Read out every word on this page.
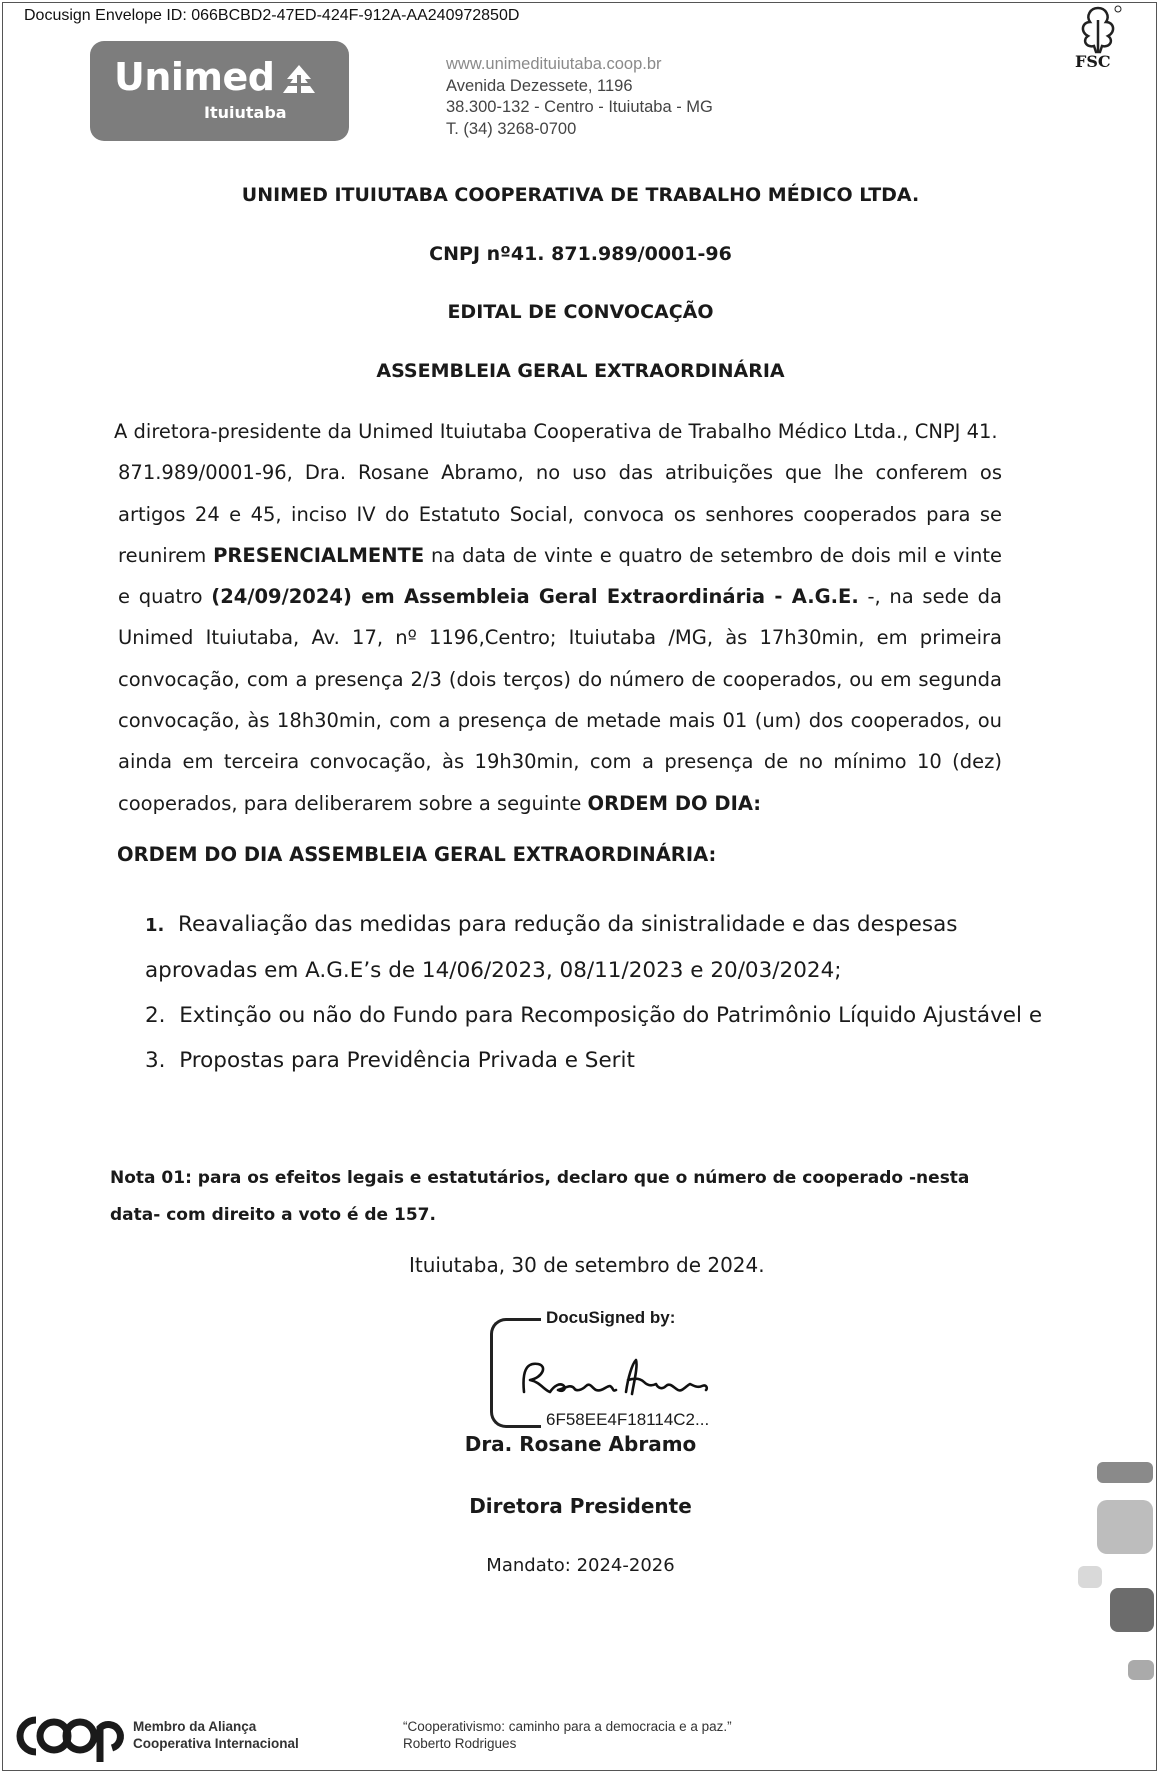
Docusign Envelope ID: 066BCBD2-47ED-424F-912A-AA240972850D
Unimed
Ituiutaba
www.unimedituiutaba.coop.br
Avenida Dezessete, 1196
38.300-132 - Centro - Ituiutaba - MG
T. (34) 3268-0700
FSC
UNIMED ITUIUTABA COOPERATIVA DE TRABALHO MÉDICO LTDA.
CNPJ nº41. 871.989/0001-96
EDITAL DE CONVOCAÇÃO
ASSEMBLEIA GERAL EXTRAORDINÁRIA
A diretora-presidente da Unimed Ituiutaba Cooperativa de Trabalho Médico Ltda., CNPJ 41.
871.989/0001-96, Dra. Rosane Abramo, no uso das atribuições que lhe conferem os artigos 24 e 45, inciso IV do Estatuto Social, convoca os senhores cooperados para se reunirem PRESENCIALMENTE na data de vinte e quatro de setembro de dois mil e vinte e quatro (24/09/2024) em Assembleia Geral Extraordinária - A.G.E. -, na sede da Unimed Ituiutaba, Av. 17, nº 1196,Centro; Ituiutaba /MG, às 17h30min, em primeira convocação, com a presença 2/3 (dois terços) do número de cooperados, ou em segunda convocação, às 18h30min, com a presença de metade mais 01 (um) dos cooperados, ou ainda em terceira convocação, às 19h30min, com a presença de no mínimo 10 (dez) cooperados, para deliberarem sobre a seguinte ORDEM DO DIA:
ORDEM DO DIA ASSEMBLEIA GERAL EXTRAORDINÁRIA:
1. Reavaliação das medidas para redução da sinistralidade e das despesas aprovadas em A.G.E’s de 14/06/2023, 08/11/2023 e 20/03/2024;
2. Extinção ou não do Fundo para Recomposição do Patrimônio Líquido Ajustável e
3. Propostas para Previdência Privada e Serit
Nota 01: para os efeitos legais e estatutários, declaro que o número de cooperado -nesta data- com direito a voto é de 157.
Ituiutaba, 30 de setembro de 2024.
DocuSigned by:
6F58EE4F18114C2...
Dra. Rosane Abramo
Diretora Presidente
Mandato: 2024-2026
Membro da Aliança
Cooperativa Internacional
“Cooperativismo: caminho para a democracia e a paz.”
Roberto Rodrigues
